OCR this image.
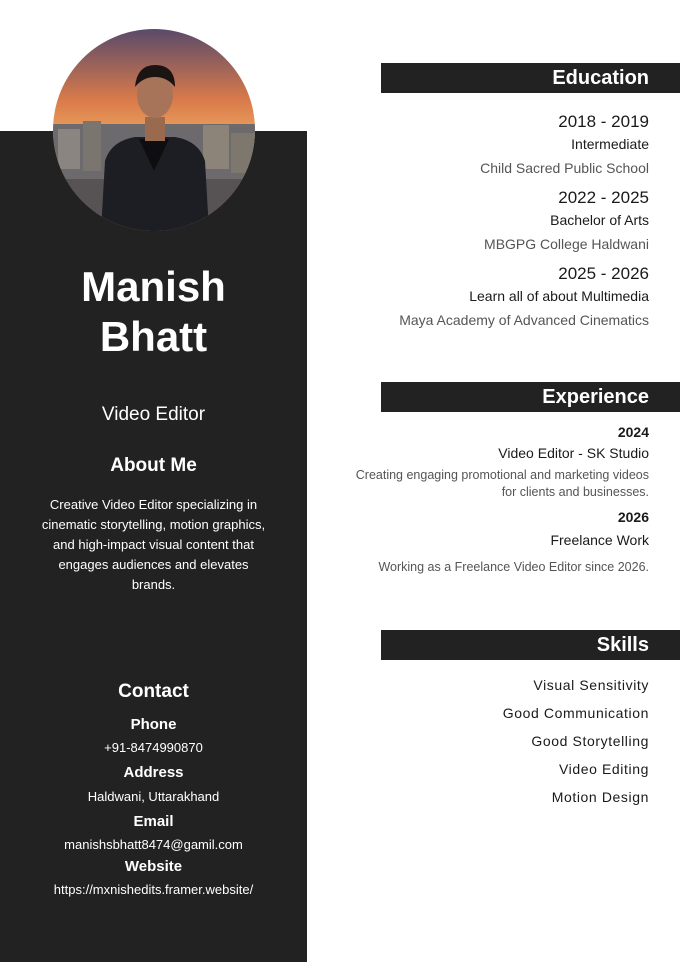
Manish
Bhatt
Video Editor
About Me
Creative Video Editor specializing in cinematic storytelling, motion graphics, and high-impact visual content that engages audiences and elevates brands.
Contact
Phone
+91-8474990870
Address
Haldwani, Uttarakhand
Email
manishsbhatt8474@gamil.com
Website
https://mxnishedits.framer.website/
Education
2018 - 2019
Intermediate
Child Sacred Public School
2022 - 2025
Bachelor of Arts
MBGPG College Haldwani
2025 - 2026
Learn all of about Multimedia
Maya Academy of Advanced Cinematics
Experience
2024
Video Editor - SK Studio
Creating engaging promotional and marketing videos for clients and businesses.
2026
Freelance Work
Working as a Freelance Video Editor since 2026.
Skills
Visual Sensitivity
Good Communication
Good Storytelling
Video Editing
Motion Design
